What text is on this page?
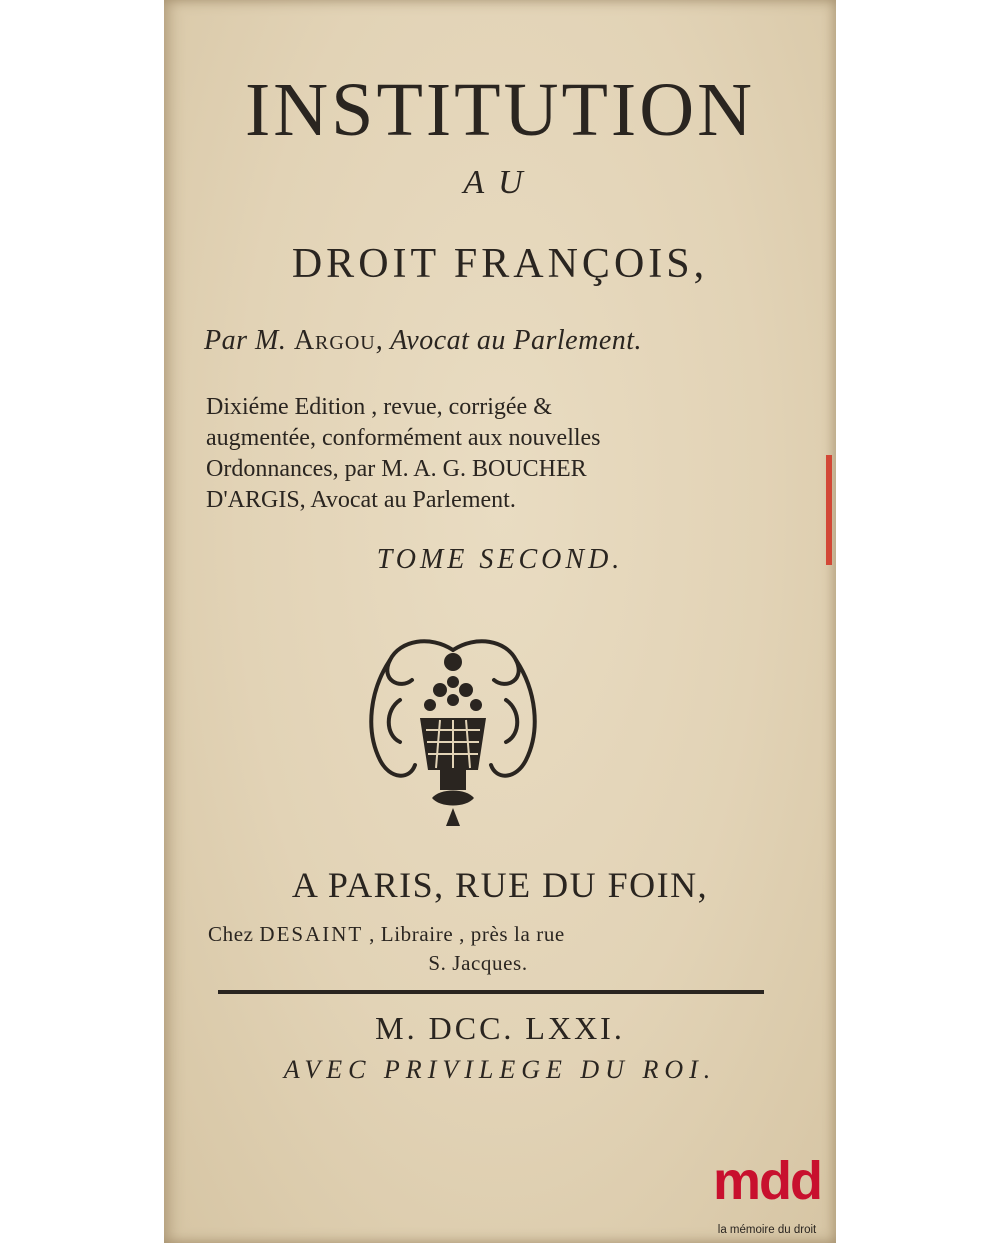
INSTITUTION
AU
DROIT FRANÇOIS,
Par M. Argou, Avocat au Parlement.
Dixiéme Edition , revue, corrigée &
augmentée, conformément aux nouvelles
Ordonnances, par M. A. G. BOUCHER
D'ARGIS, Avocat au Parlement.
TOME SECOND.
A PARIS, RUE DU FOIN,
Chez DESAINT , Libraire , près la rue
S. Jacques.
M. DCC. LXXI.
AVEC PRIVILEGE DU ROI.
mdd
la mémoire du droit
